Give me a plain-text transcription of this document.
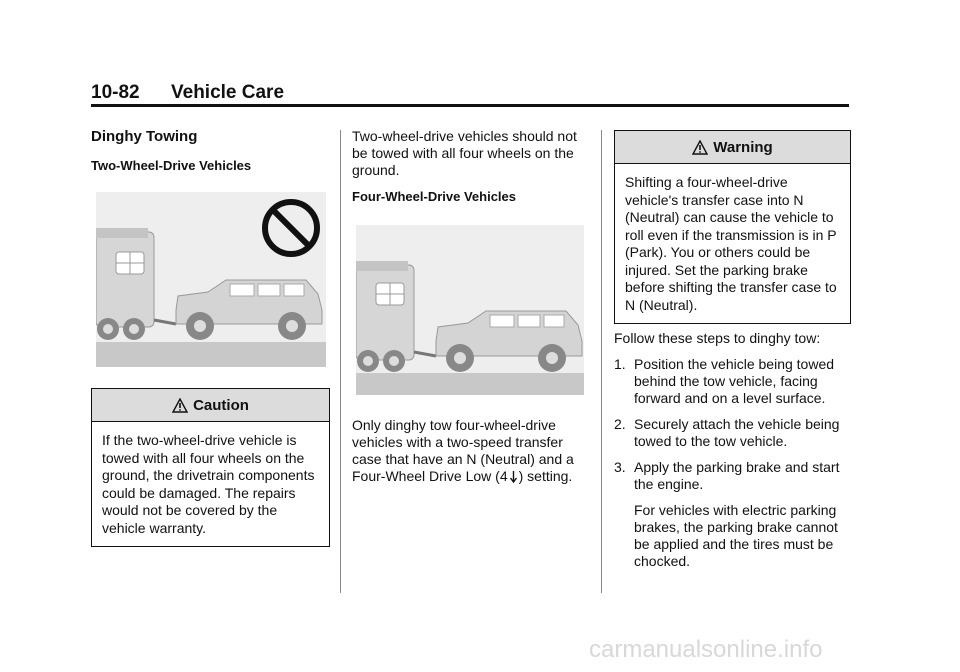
10-82 Vehicle Care
Dinghy Towing
Two-Wheel-Drive Vehicles
Caution
If the two-wheel-drive vehicle is towed with all four wheels on the ground, the drivetrain components could be damaged. The repairs would not be covered by the vehicle warranty.

Two-wheel-drive vehicles should not be towed with all four wheels on the ground.

Four-Wheel-Drive Vehicles

Only dinghy tow four-wheel-drive vehicles with a two-speed transfer case that have an N (Neutral) and a Four-Wheel Drive Low (4 ) setting.

Warning
Shifting a four-wheel-drive vehicle's transfer case into N (Neutral) can cause the vehicle to roll even if the transmission is in P (Park). You or others could be injured. Set the parking brake before shifting the transfer case to N (Neutral).

Follow these steps to dinghy tow:

1. Position the vehicle being towed behind the tow vehicle, facing forward and on a level surface.
2. Securely attach the vehicle being towed to the tow vehicle.
3. Apply the parking brake and start the engine.

For vehicles with electric parking brakes, the parking brake cannot be applied and the tires must be chocked.

carmanualsonline.info
